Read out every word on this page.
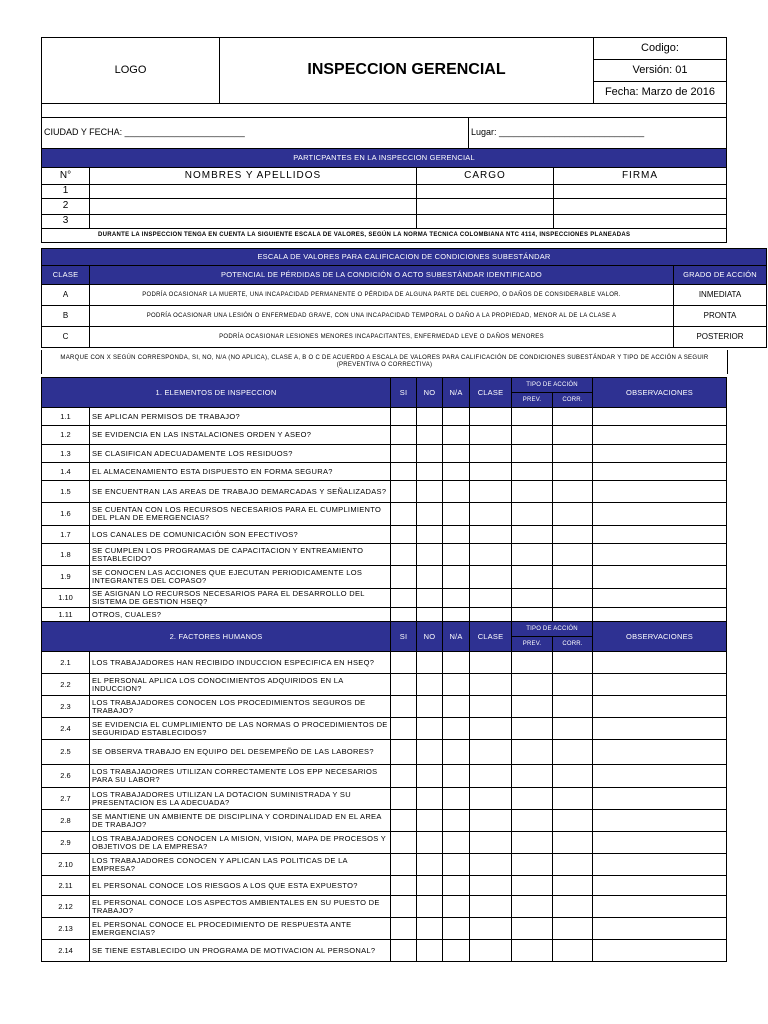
LOGO	INSPECCION GERENCIAL	Codigo:
Versión: 01
Fecha: Marzo de 2016
CIUDAD Y FECHA: ________________________	Lugar: _____________________________
PARTICPANTES EN LA INSPECCION GERENCIAL			
N°	NOMBRES Y APELLIDOS	CARGO	FIRMA
1			
2			
3			
DURANTE LA INSPECCION TENGA EN CUENTA LA SIGUIENTE ESCALA DE VALORES, SEGÚN LA NORMA TECNICA COLOMBIANA NTC 4114, INSPECCIONES PLANEADAS			
ESCALA DE VALORES PARA CALIFICACION DE CONDICIONES SUBESTÁNDAR		
CLASE	POTENCIAL DE PÉRDIDAS DE LA CONDICIÓN O ACTO SUBESTÁNDAR IDENTIFICADO	GRADO DE ACCIÓN
A	PODRÍA OCASIONAR LA MUERTE, UNA INCAPACIDAD PERMANENTE O PÉRDIDA DE ALGUNA PARTE DEL CUERPO, O DAÑOS DE CONSIDERABLE VALOR.	INMEDIATA
B	PODRÍA OCASIONAR UNA LESIÓN O ENFERMEDAD GRAVE, CON UNA INCAPACIDAD TEMPORAL O DAÑO A LA PROPIEDAD, MENOR AL DE LA CLASE A	PRONTA
C	PODRÍA OCASIONAR LESIONES MENORES INCAPACITANTES, ENFERMEDAD LEVE O DAÑOS MENORES	POSTERIOR
MARQUE CON X SEGÚN CORRESPONDA, SI, NO, N/A (NO APLICA), CLASE A, B O C DE ACUERDO A ESCALA DE VALORES PARA CALIFICACIÓN DE CONDICIONES SUBESTÁNDAR Y TIPO DE ACCIÓN A SEGUIR (PREVENTIVA O CORRECTIVA)
1. ELEMENTOS DE INSPECCION		SI	NO	N/A	CLASE	TIPO DE ACCIÓN		OBSERVACIONES
						PREV.	CORR.	
1.1	SE APLICAN PERMISOS DE TRABAJO?							
1.2	SE EVIDENCIA EN LAS INSTALACIONES ORDEN Y ASEO?							
1.3	SE CLASIFICAN ADECUADAMENTE LOS RESIDUOS?							
1.4	EL ALMACENAMIENTO ESTA DISPUESTO EN FORMA SEGURA?							
1.5	SE ENCUENTRAN LAS AREAS DE TRABAJO DEMARCADAS Y SEÑALIZADAS?							
1.6	SE CUENTAN CON LOS RECURSOS NECESARIOS PARA EL CUMPLIMIENTO DEL PLAN DE EMERGENCIAS?							
1.7	LOS CANALES DE COMUNICACIÓN SON EFECTIVOS?							
1.8	SE CUMPLEN LOS PROGRAMAS DE CAPACITACION Y ENTREAMIENTO ESTABLECIDO?							
1.9	SE CONOCEN LAS ACCIONES QUE EJECUTAN PERIODICAMENTE LOS INTEGRANTES DEL COPASO?							
1.10	SE ASIGNAN LO RECURSOS NECESARIOS PARA EL DESARROLLO DEL SISTEMA DE GESTION HSEQ?							
1.11	OTROS, CUALES?							
2. FACTORES HUMANOS		SI	NO	N/A	CLASE	TIPO DE ACCIÓN		OBSERVACIONES
						PREV.	CORR.	
2.1	LOS TRABAJADORES HAN RECIBIDO INDUCCION ESPECIFICA EN HSEQ?							
2.2	EL PERSONAL APLICA LOS CONOCIMIENTOS ADQUIRIDOS EN LA INDUCCION?							
2.3	LOS TRABAJADORES CONOCEN LOS PROCEDIMIENTOS SEGUROS DE TRABAJO?							
2.4	SE EVIDENCIA EL CUMPLIMIENTO DE LAS NORMAS O PROCEDIMIENTOS DE SEGURIDAD ESTABLECIDOS?							
2.5	SE OBSERVA TRABAJO EN EQUIPO DEL DESEMPEÑO DE LAS LABORES?							
2.6	LOS TRABAJADORES UTILIZAN CORRECTAMENTE LOS EPP NECESARIOS PARA SU LABOR?							
2.7	LOS TRABAJADORES UTILIZAN LA DOTACION SUMINISTRADA Y SU PRESENTACION ES LA ADECUADA?							
2.8	SE MANTIENE UN AMBIENTE DE DISCIPLINA Y CORDINALIDAD EN EL AREA DE TRABAJO?							
2.9	LOS TRABAJADORES CONOCEN LA MISION, VISION, MAPA DE PROCESOS Y OBJETIVOS DE LA EMPRESA?							
2.10	LOS TRABAJADORES CONOCEN Y APLICAN LAS POLITICAS DE LA EMPRESA?							
2.11	EL PERSONAL CONOCE LOS RIESGOS A LOS QUE ESTA EXPUESTO?							
2.12	EL PERSONAL CONOCE LOS ASPECTOS AMBIENTALES EN SU PUESTO DE TRABAJO?							
2.13	EL PERSONAL CONOCE EL PROCEDIMIENTO DE RESPUESTA ANTE EMERGENCIAS?							
2.14	SE TIENE ESTABLECIDO UN PROGRAMA DE MOTIVACION AL PERSONAL?							
